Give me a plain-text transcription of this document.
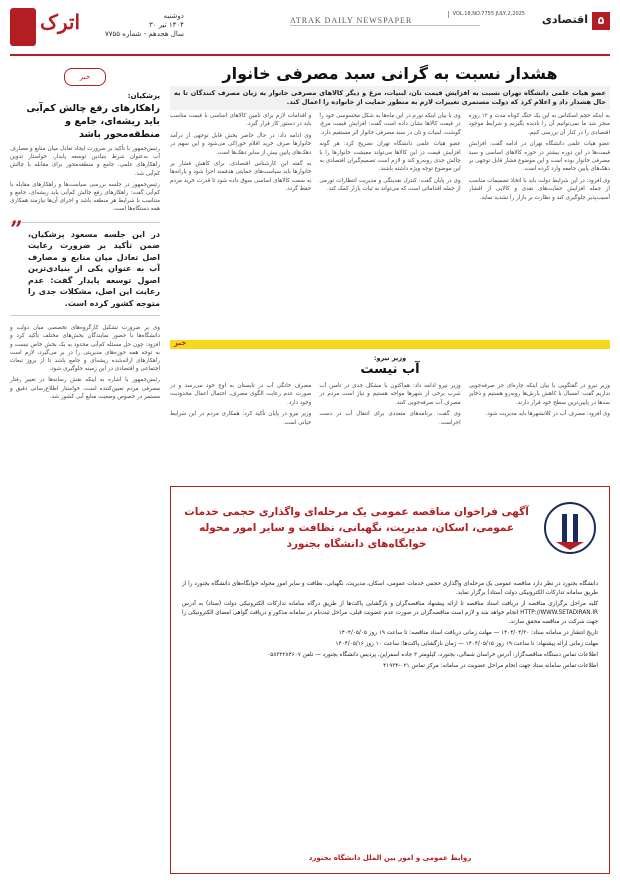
۵
اقتصادی
VOL.18,NO.7755 JULY,2,2025
ATRAK DAILY NEWSPAPER
اترک	دوشنبه
۱۴۰۴ تیر ۳۰
سال هجدهم - شماره ۷۷۵۵
هشدار نسبت به گرانی سبد مصرفی خانوار
عضو هیات علمی دانشگاه تهران نسبت به افزایش قیمت نان، لبنیات، مرغ و دیگر کالاهای مصرفی خانوار به زیان مصرف کنندگان تا به حال هشدار داد و اعلام کرد که دولت مستمری تغییرات لازم به منظور حمایت از خانواده را اعمال کند.

به اینکه حجم اسکناس به این یک جنگ کوتاه مدت و ۱۲ روزه منجر شد ما نمی‌توانیم آن را نادیده بگیریم و شرایط موجود اقتصادی را در کنار آن بررسی کنیم.

عضو هیات علمی دانشگاه تهران در ادامه گفت: افزایش قیمت‌ها در این دوره بیشتر در حوزه کالاهای اساسی و سبد مصرفی خانوار بوده است و این موضوع فشار قابل توجهی بر دهک‌های پایین جامعه وارد کرده است.

وی افزود: در این شرایط دولت باید با اتخاذ تصمیمات مناسب از جمله افزایش حمایت‌های نقدی و کالایی از اقشار آسیب‌پذیر جلوگیری کند و نظارت بر بازار را تشدید نماید.

وی با بیان اینکه تورم در این ماه‌ها به شکل محسوسی خود را در قیمت کالاها نشان داده است گفت: افزایش قیمت مرغ، گوشت، لبنیات و نان در سبد مصرفی خانوار اثر مستقیم دارد.

عضو هیات علمی دانشگاه تهران تصریح کرد: هر گونه افزایش قیمت در این کالاها می‌تواند معیشت خانوارها را با چالش جدی روبه‌رو کند و لازم است تصمیم‌گیران اقتصادی به این موضوع توجه ویژه داشته باشند.

وی در پایان گفت: کنترل نقدینگی و مدیریت انتظارات تورمی از جمله اقداماتی است که می‌تواند به ثبات بازار کمک کند.

و اقدامات لازم برای تامین کالاهای اساسی با قیمت مناسب باید در دستور کار قرار گیرد.

وی ادامه داد: در حال حاضر بخش قابل توجهی از درآمد خانوارها صرف خرید اقلام خوراکی می‌شود و این سهم در دهک‌های پایین بیش از سایر دهک‌ها است.

به گفته این کارشناس اقتصادی، برای کاهش فشار بر خانوارها باید سیاست‌های حمایتی هدفمند اجرا شود و یارانه‌ها به سمت کالاهای اساسی سوق داده شود تا قدرت خرید مردم حفظ گردد.

خبر
پزشکیان:
راهکارهای رفع چالش کم‌آبی باید ریشه‌ای، جامع و منطقه‌محور باشد

رئیس‌جمهور با تأکید بر ضرورت ایجاد تعادل میان منابع و مصارف آب به‌عنوان شرط بنیادین توسعه پایدار، خواستار تدوین راهکارهای علمی، جامع و منطقه‌محور برای مقابله با چالش کم‌آبی شد.

رئیس‌جمهور در جلسه بررسی سیاست‌ها و راهکارهای مقابله با کم‌آبی گفت: راهکارهای رفع چالش کم‌آبی باید ریشه‌ای، جامع و متناسب با شرایط هر منطقه باشد و اجرای آن‌ها نیازمند همکاری همه دستگاه‌ها است.

” در این جلسه مسعود پزشکیان، ضمن تأکید بر ضرورت رعایت اصل تعادل میان منابع و مصارف آب به عنوان یکی از بنیادی‌ترین اصول توسعه پایدار گفت: عدم رعایت این اصل، مشکلات جدی را متوجه کشور کرده است.

وی بر ضرورت تشکیل کارگروه‌های تخصصی میان دولت و دانشگاه‌ها با حضور نمایندگان بخش‌های مختلف تأکید کرد و افزود: چون حل مسئله کم‌آبی محدود به یک بخش خاص نیست و به توجه همه حوزه‌های مدیریتی را در بر می‌گیرد، لازم است راهکارهای ارائه‌شده ریشه‌ای و جامع باشد تا از بروز تبعات اجتماعی و اقتصادی در این زمینه جلوگیری شود.

رئیس‌جمهور با اشاره به اینکه نقش رسانه‌ها در تغییر رفتار مصرفی مردم تعیین‌کننده است، خواستار اطلاع‌رسانی دقیق و مستمر در خصوص وضعیت منابع آبی کشور شد.

خبر
وزیر نیرو:
آب نیست

وزیر نیرو در گفتگویی با بیان اینکه چاره‌ای جز صرفه‌جویی نداریم گفت: امسال با کاهش بارش‌ها روبه‌رو هستیم و ذخایر سدها در پایین‌ترین سطح خود قرار دارند.

وی افزود: مصرف آب در کلانشهرها باید مدیریت شود.

وزیر نیرو ادامه داد: هم‌اکنون با مشکل جدی در تأمین آب شرب برخی از شهرها مواجه هستیم و نیاز است مردم در مصرف آب صرفه‌جویی کنند.

وی گفت: برنامه‌های متعددی برای انتقال آب در دست اجراست.

مصرف خانگی آب در تابستان به اوج خود می‌رسد و در صورت عدم رعایت الگوی مصرف، احتمال اعمال محدودیت وجود دارد.

وزیر نیرو در پایان تأکید کرد: همکاری مردم در این شرایط حیاتی است.

آگهی فراخوان مناقصه عمومی یک مرحله‌ای واگذاری حجمی خدمات عمومی، اسکان، مدیریت، نگهبانی، نظافت و سایر امور محوله خوابگاه‌های دانشگاه بجنورد

دانشگاه بجنورد در نظر دارد مناقصه عمومی یک مرحله‌ای واگذاری حجمی خدمات عمومی، اسکان، مدیریت، نگهبانی، نظافت و سایر امور محوله خوابگاه‌های دانشگاه بجنورد را از طریق سامانه تدارکات الکترونیکی دولت (ستاد) برگزار نماید.

کلیه مراحل برگزاری مناقصه از دریافت اسناد مناقصه تا ارائه پیشنهاد مناقصه‌گران و بازگشایی پاکت‌ها از طریق درگاه سامانه تدارکات الکترونیکی دولت (ستاد) به آدرس HTTP://WWW.SETADIRAN.IR انجام خواهد شد و لازم است مناقصه‌گران در صورت عدم عضویت قبلی، مراحل ثبت‌نام در سامانه مذکور و دریافت گواهی امضای الکترونیکی را جهت شرکت در مناقصه محقق سازند.

تاریخ انتشار در سامانه ستاد: ۱۴۰۴/۰۴/۳۰ — مهلت زمانی دریافت اسناد مناقصه: تا ساعت ۱۹ روز ۱۴۰۴/۰۵/۰۵

مهلت زمانی ارائه پیشنهاد: تا ساعت ۱۹ روز ۱۴۰۴/۰۵/۱۵ — زمان بازگشایی پاکت‌ها: ساعت ۱۰ روز ۱۴۰۴/۰۵/۱۶

اطلاعات تماس دستگاه مناقصه‌گزار: آدرس خراسان شمالی، بجنورد، کیلومتر ۳ جاده اسفراین، پردیس دانشگاه بجنورد — تلفن ۰۵۸۳۲۲۸۴۶۰۷

اطلاعات تماس سامانه ستاد جهت انجام مراحل عضویت در سامانه: مرکز تماس ۰۲۱-۴۱۹۳۴

روابط عمومی و امور بین الملل دانشگاه بجنورد
